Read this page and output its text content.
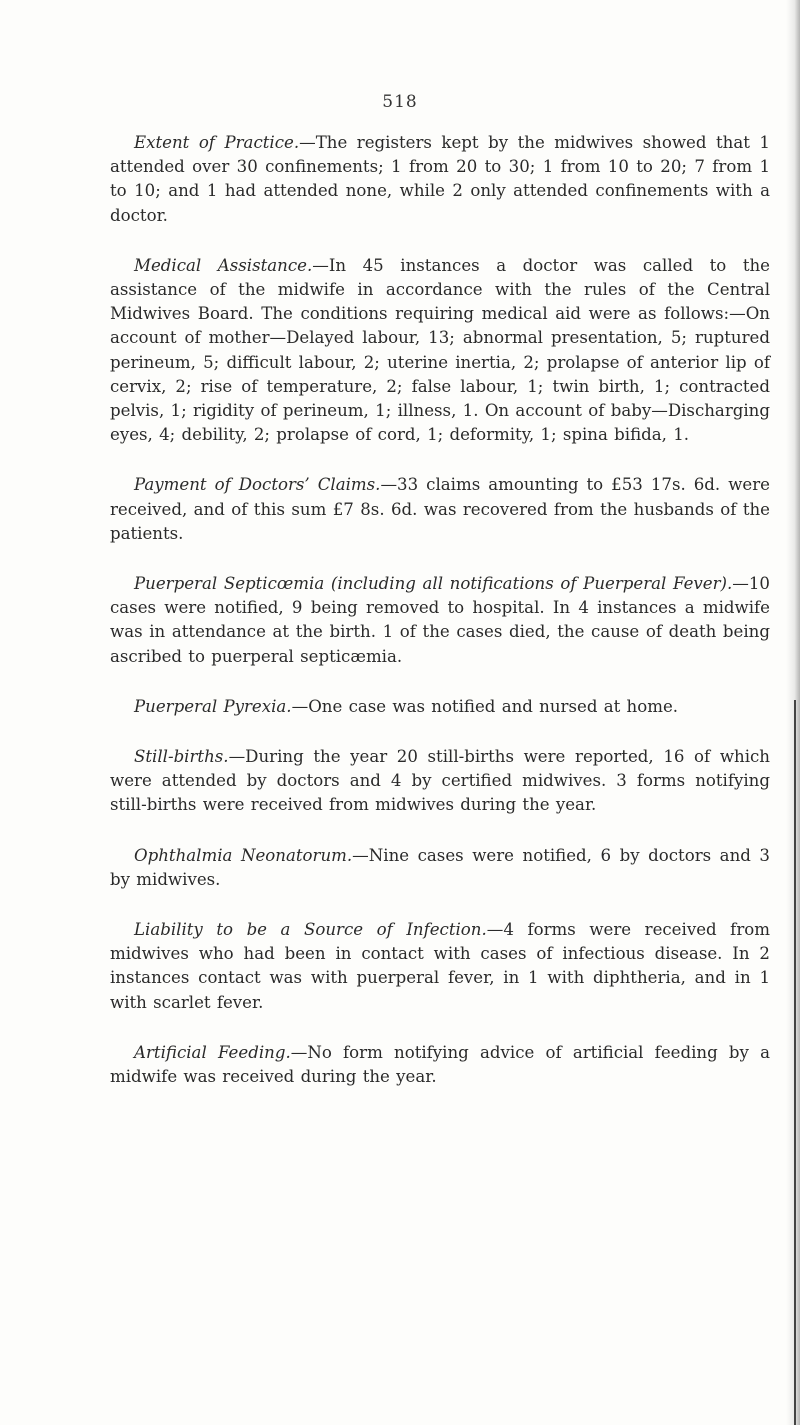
518

Extent of Practice.—The registers kept by the midwives showed that 1 attended over 30 confinements; 1 from 20 to 30; 1 from 10 to 20; 7 from 1 to 10; and 1 had attended none, while 2 only attended confinements with a doctor.

Medical Assistance.—In 45 instances a doctor was called to the assistance of the midwife in accordance with the rules of the Central Midwives Board. The conditions requiring medical aid were as follows:—On account of mother—Delayed labour, 13; abnormal presentation, 5; ruptured perineum, 5; difficult labour, 2; uterine inertia, 2; prolapse of anterior lip of cervix, 2; rise of temperature, 2; false labour, 1; twin birth, 1; contracted pelvis, 1; rigidity of perineum, 1; illness, 1. On account of baby—Discharging eyes, 4; debility, 2; prolapse of cord, 1; deformity, 1; spina bifida, 1.

Payment of Doctors’ Claims.—33 claims amounting to £53 17s. 6d. were received, and of this sum £7 8s. 6d. was recovered from the husbands of the patients.

Puerperal Septicœmia (including all notifications of Puerperal Fever).—10 cases were notified, 9 being removed to hospital. In 4 instances a midwife was in attendance at the birth. 1 of the cases died, the cause of death being ascribed to puerperal septicæmia.

Puerperal Pyrexia.—One case was notified and nursed at home.

Still-births.—During the year 20 still-births were reported, 16 of which were attended by doctors and 4 by certified midwives. 3 forms notifying still-births were received from midwives during the year.

Ophthalmia Neonatorum.—Nine cases were notified, 6 by doctors and 3 by midwives.

Liability to be a Source of Infection.—4 forms were received from midwives who had been in contact with cases of infectious disease. In 2 instances contact was with puerperal fever, in 1 with diphtheria, and in 1 with scarlet fever.

Artificial Feeding.—No form notifying advice of artificial feeding by a midwife was received during the year.
